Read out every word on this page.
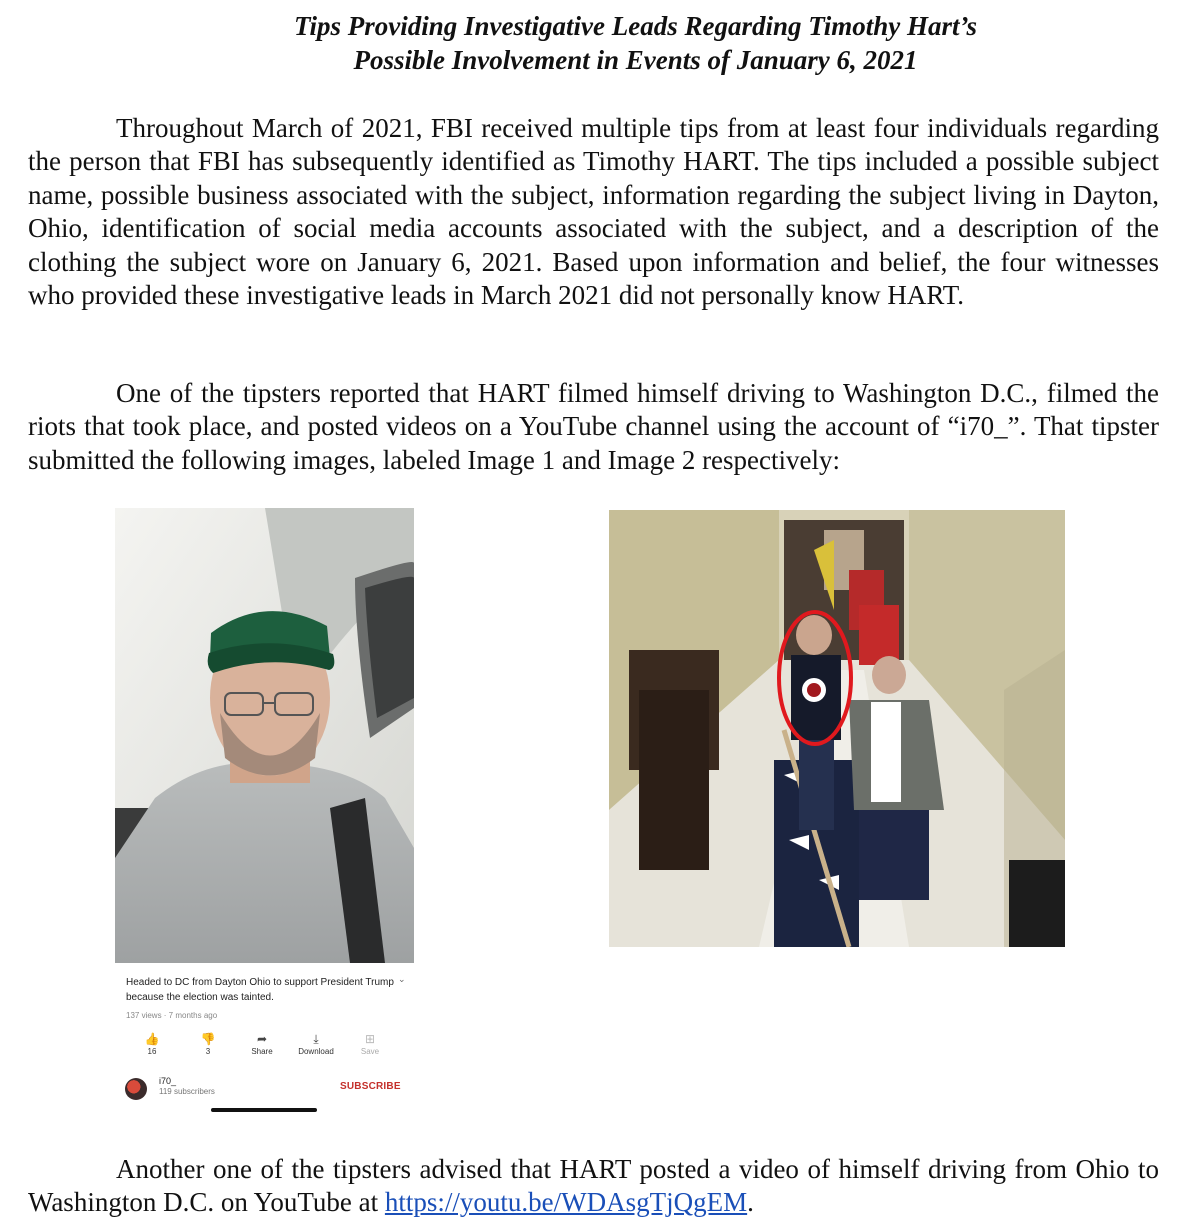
Tips Providing Investigative Leads Regarding Timothy Hart’s
Possible Involvement in Events of January 6, 2021

Throughout March of 2021, FBI received multiple tips from at least four individuals regarding the person that FBI has subsequently identified as Timothy HART. The tips included a possible subject name, possible business associated with the subject, information regarding the subject living in Dayton, Ohio, identification of social media accounts associated with the subject, and a description of the clothing the subject wore on January 6, 2021. Based upon information and belief, the four witnesses who provided these investigative leads in March 2021 did not personally know HART.

One of the tipsters reported that HART filmed himself driving to Washington D.C., filmed the riots that took place, and posted videos on a YouTube channel using the account of “i70_”. That tipster submitted the following images, labeled Image 1 and Image 2 respectively:

Headed to DC from Dayton Ohio to support President Trump because the election was tainted.
⌄
137 views · 7 months ago
👍
16
👎
3
➦
Share
⤓
Download
⊞
Save
i70_
119 subscribers	SUBSCRIBE

Another one of the tipsters advised that HART posted a video of himself driving from Ohio to Washington D.C. on YouTube at https://youtu.be/WDAsgTjQgEM.
